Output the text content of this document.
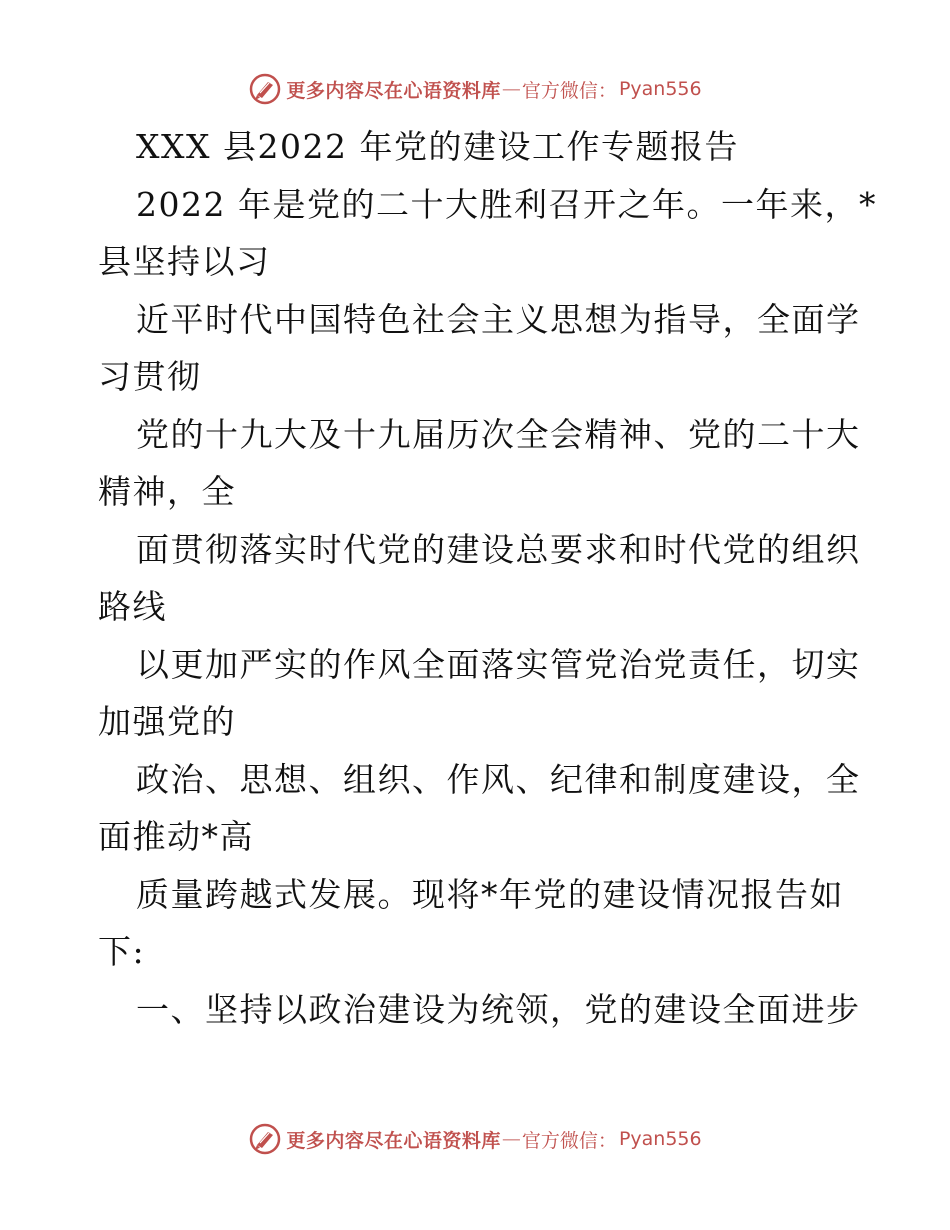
更多内容尽在心语资料库 — 官方微信： Pyan556
XXX 县2022 年党的建设工作专题报告
2022 年是党的二十大胜利召开之年。一年来，*
县坚持以习
近平时代中国特色社会主义思想为指导，全面学
习贯彻
党的十九大及十九届历次全会精神、党的二十大
精神，全
面贯彻落实时代党的建设总要求和时代党的组织
路线
以更加严实的作风全面落实管党治党责任，切实
加强党的
政治、思想、组织、作风、纪律和制度建设，全
面推动*高
质量跨越式发展。现将*年党的建设情况报告如
下:
一、坚持以政治建设为统领，党的建设全面进步
更多内容尽在心语资料库 — 官方微信： Pyan556
